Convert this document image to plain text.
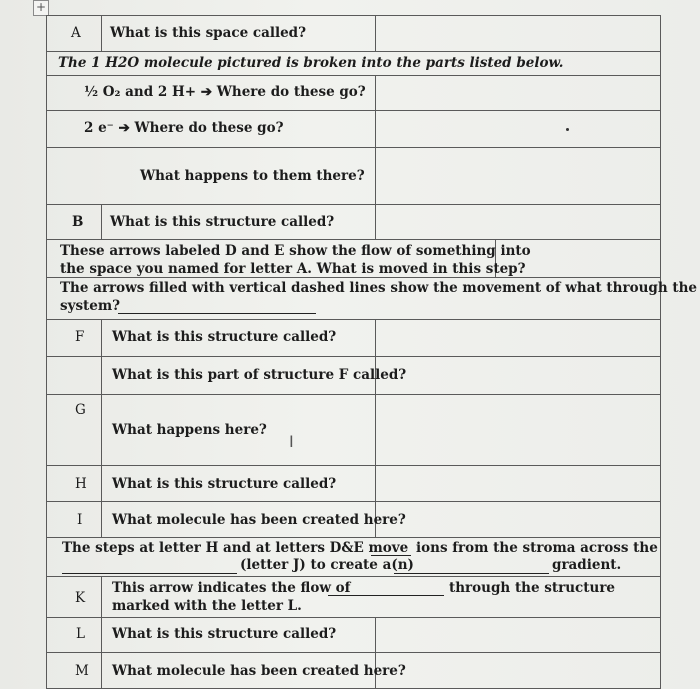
+
A What is this space called?
The 1 H2O molecule pictured is broken into the parts listed below.
½ O₂ and 2 H+ ➔ Where do these go?
2 e⁻ ➔ Where do these go?
What happens to them there?
B What is this structure called?
These arrows labeled D and E show the flow of something into
the space you named for letter A. What is moved in this step?
The arrows filled with vertical dashed lines show the movement of what through the
system?
F What is this structure called?
What is this part of structure F called?
G
What happens here?
I
H What is this structure called?
I What molecule has been created here?
The steps at letter H and at letters D&E move ions from the stroma across the
(letter J) to create a(n)	gradient.
K
This arrow indicates the flow of	through the structure
marked with the letter L.
L What is this structure called?
M What molecule has been created here?
